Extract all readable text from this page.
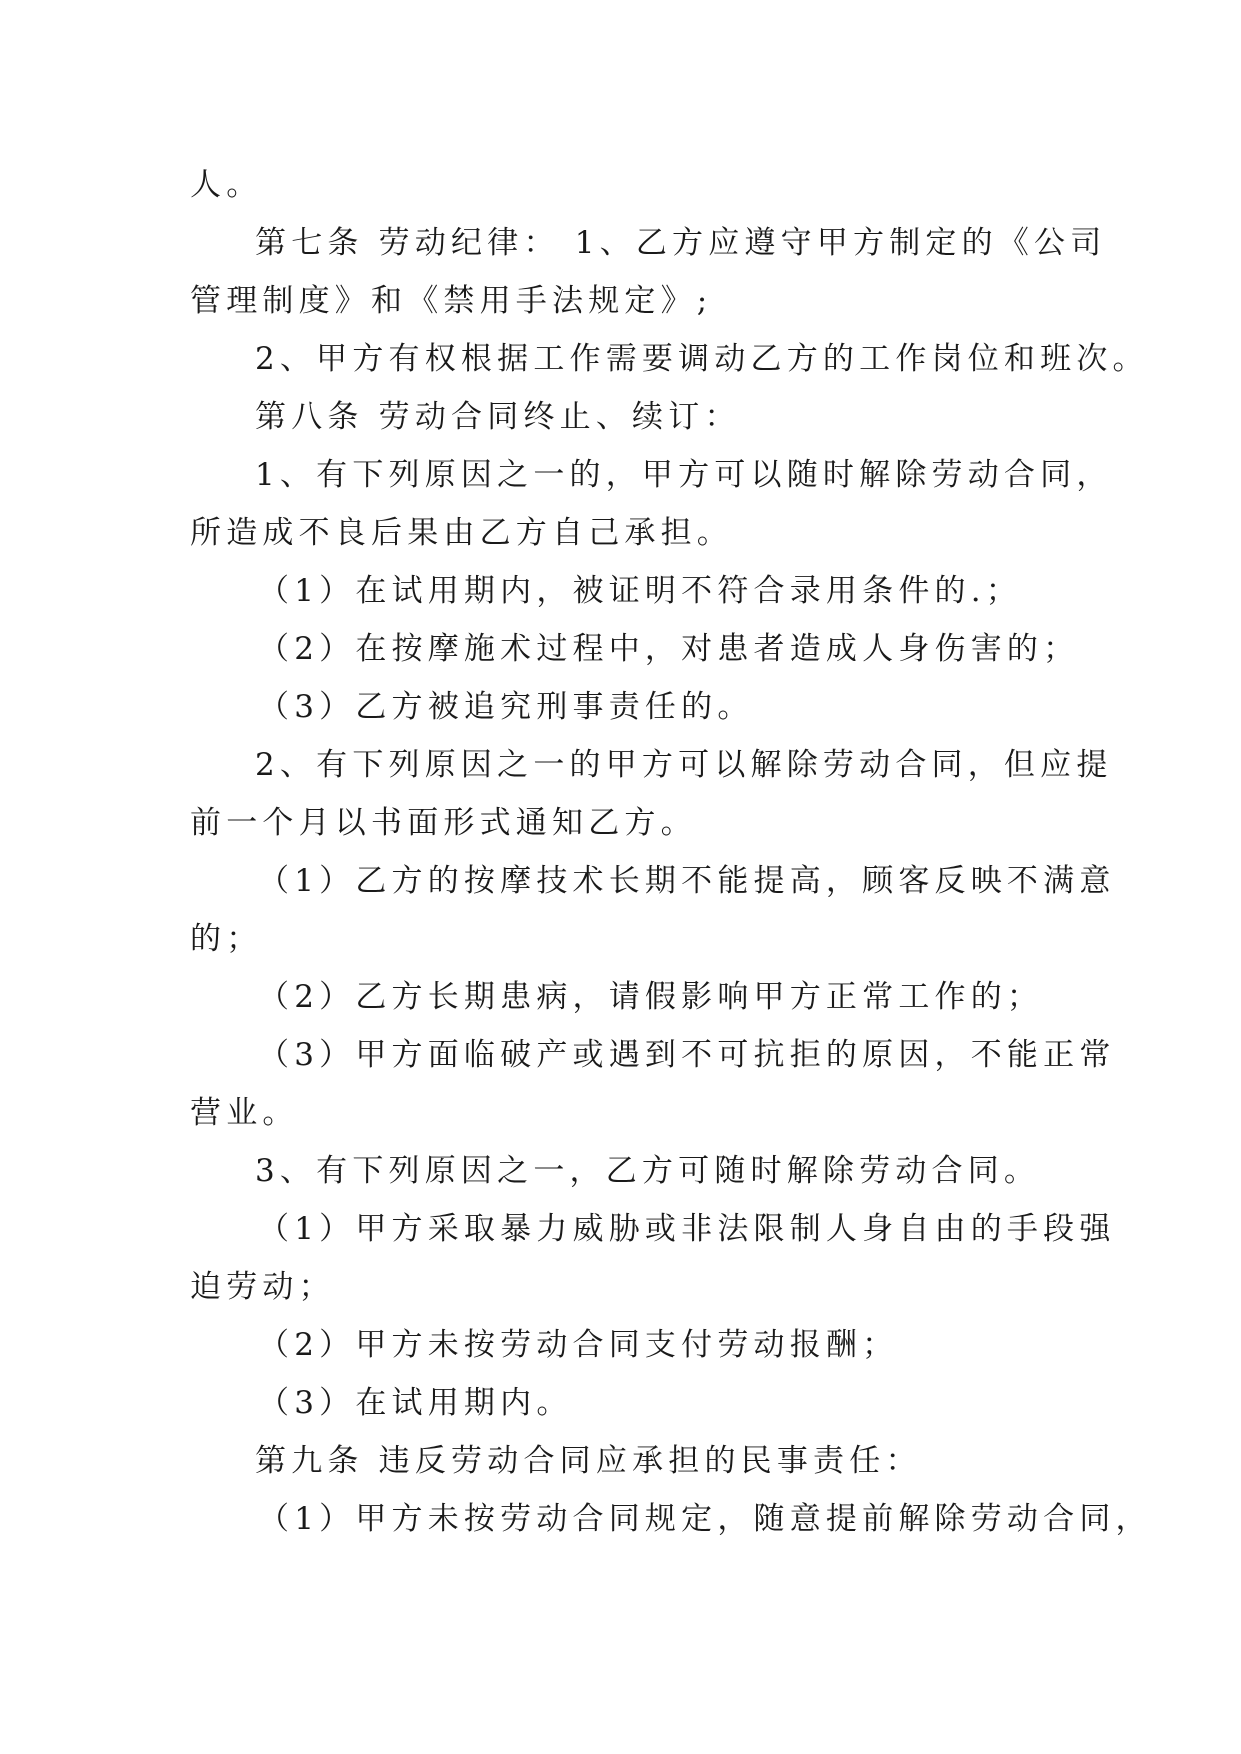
人。
第七条 劳动纪律： 1、乙方应遵守甲方制定的《公司
管理制度》和《禁用手法规定》;
2、甲方有权根据工作需要调动乙方的工作岗位和班次。
第八条 劳动合同终止、续订：
1、有下列原因之一的，甲方可以随时解除劳动合同，
所造成不良后果由乙方自己承担。
（1）在试用期内，被证明不符合录用条件的.；
（2）在按摩施术过程中，对患者造成人身伤害的；
（3）乙方被追究刑事责任的。
2、有下列原因之一的甲方可以解除劳动合同，但应提
前一个月以书面形式通知乙方。
（1）乙方的按摩技术长期不能提高，顾客反映不满意
的；
（2）乙方长期患病，请假影响甲方正常工作的；
（3）甲方面临破产或遇到不可抗拒的原因，不能正常
营业。
3、有下列原因之一，乙方可随时解除劳动合同。
（1）甲方采取暴力威胁或非法限制人身自由的手段强
迫劳动；
（2）甲方未按劳动合同支付劳动报酬；
（3）在试用期内。
第九条 违反劳动合同应承担的民事责任：
（1）甲方未按劳动合同规定，随意提前解除劳动合同，
